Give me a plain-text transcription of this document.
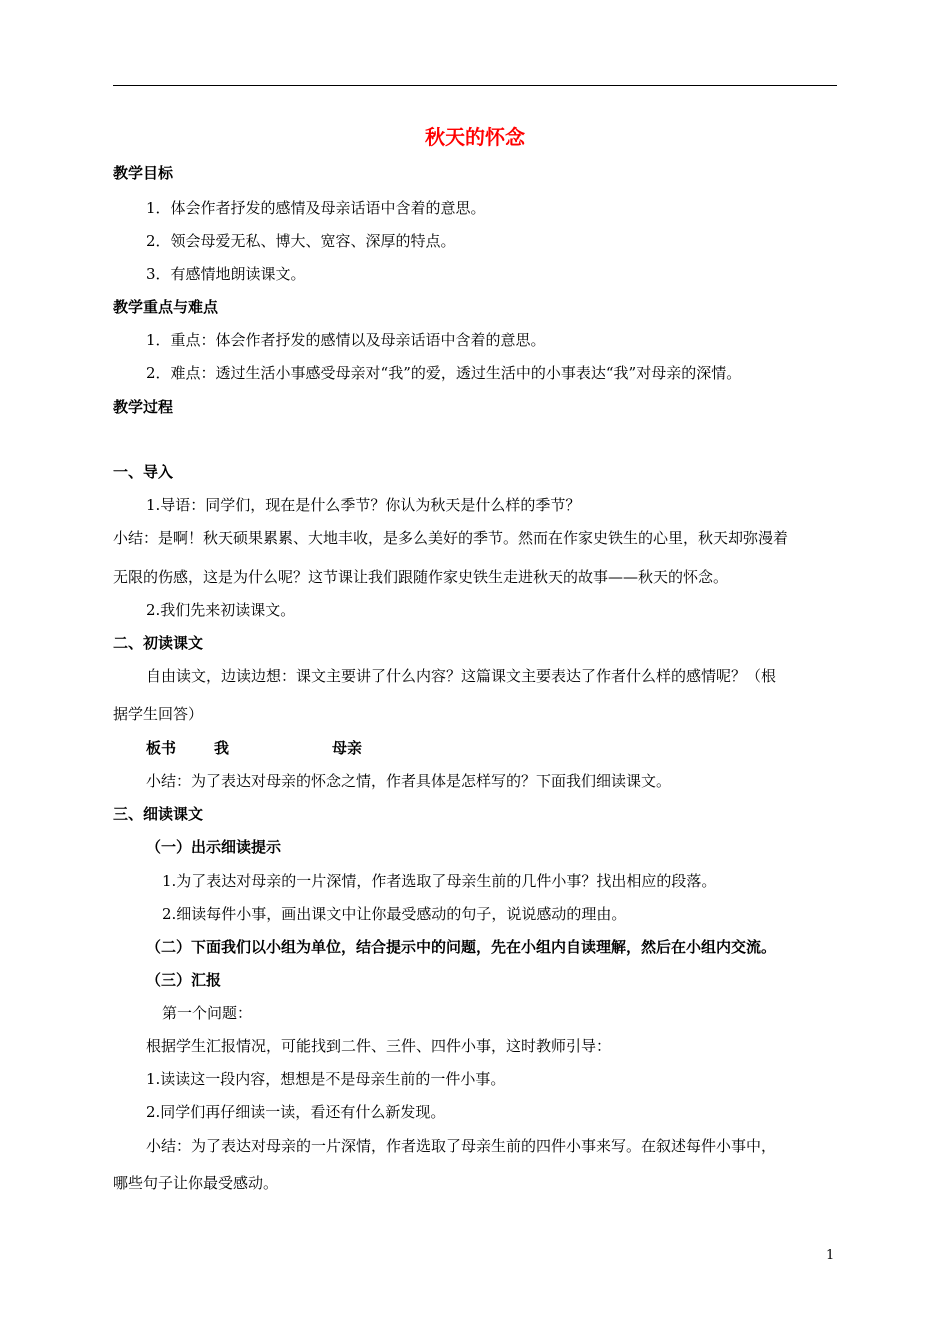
秋天的怀念
教学目标
1．体会作者抒发的感情及母亲话语中含着的意思。
2．领会母爱无私、博大、宽容、深厚的特点。
3．有感情地朗读课文。
教学重点与难点
1．重点：体会作者抒发的感情以及母亲话语中含着的意思。
2．难点：透过生活小事感受母亲对“我”的爱，透过生活中的小事表达“我”对母亲的深情。
教学过程
一、导入
1.导语：同学们，现在是什么季节？你认为秋天是什么样的季节？
小结：是啊！秋天硕果累累、大地丰收，是多么美好的季节。然而在作家史铁生的心里，秋天却弥漫着
无限的伤感，这是为什么呢？这节课让我们跟随作家史铁生走进秋天的故事——秋天的怀念。
2.我们先来初读课文。
二、初读课文
自由读文，边读边想：课文主要讲了什么内容？这篇课文主要表达了作者什么样的感情呢？（根
据学生回答）
板书	我	母亲
小结：为了表达对母亲的怀念之情，作者具体是怎样写的？下面我们细读课文。
三、细读课文
（一）出示细读提示
1.为了表达对母亲的一片深情，作者选取了母亲生前的几件小事？找出相应的段落。
2.细读每件小事，画出课文中让你最受感动的句子，说说感动的理由。
（二）下面我们以小组为单位，结合提示中的问题，先在小组内自读理解，然后在小组内交流。
（三）汇报
第一个问题：
根据学生汇报情况，可能找到二件、三件、四件小事，这时教师引导：
1.读读这一段内容，想想是不是母亲生前的一件小事。
2.同学们再仔细读一读，看还有什么新发现。
小结：为了表达对母亲的一片深情，作者选取了母亲生前的四件小事来写。在叙述每件小事中，
哪些句子让你最受感动。
1
